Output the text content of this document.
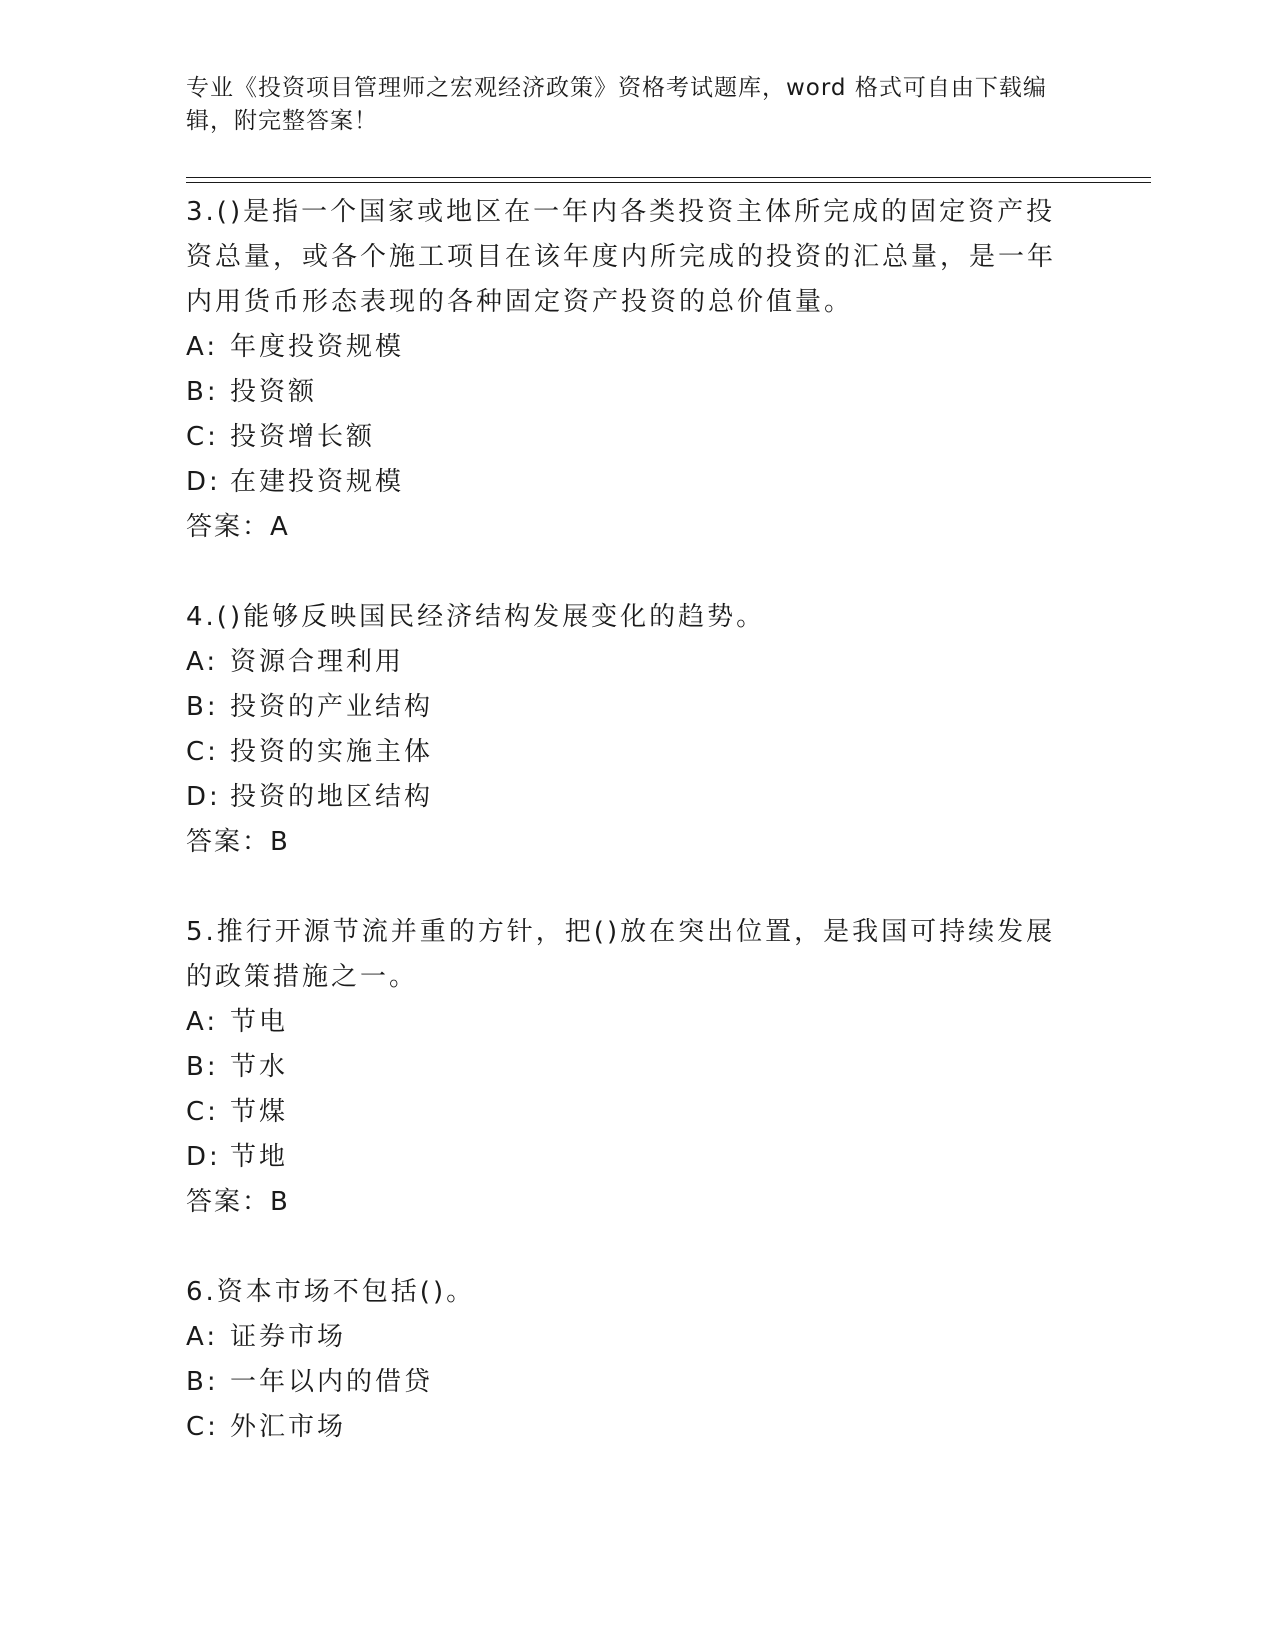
专业《投资项目管理师之宏观经济政策》资格考试题库，word 格式可自由下载编
辑，附完整答案！

3.()是指一个国家或地区在一年内各类投资主体所完成的固定资产投资总量，或各个施工项目在该年度内所完成的投资的汇总量，是一年内用货币形态表现的各种固定资产投资的总价值量。

A: 年度投资规模

B: 投资额

C: 投资增长额

D: 在建投资规模

答案：A

4.()能够反映国民经济结构发展变化的趋势。

A: 资源合理利用

B: 投资的产业结构

C: 投资的实施主体

D: 投资的地区结构

答案：B

5.推行开源节流并重的方针，把()放在突出位置，是我国可持续发展的政策措施之一。

A: 节电

B: 节水

C: 节煤

D: 节地

答案：B

6.资本市场不包括()。

A: 证券市场

B: 一年以内的借贷

C: 外汇市场
